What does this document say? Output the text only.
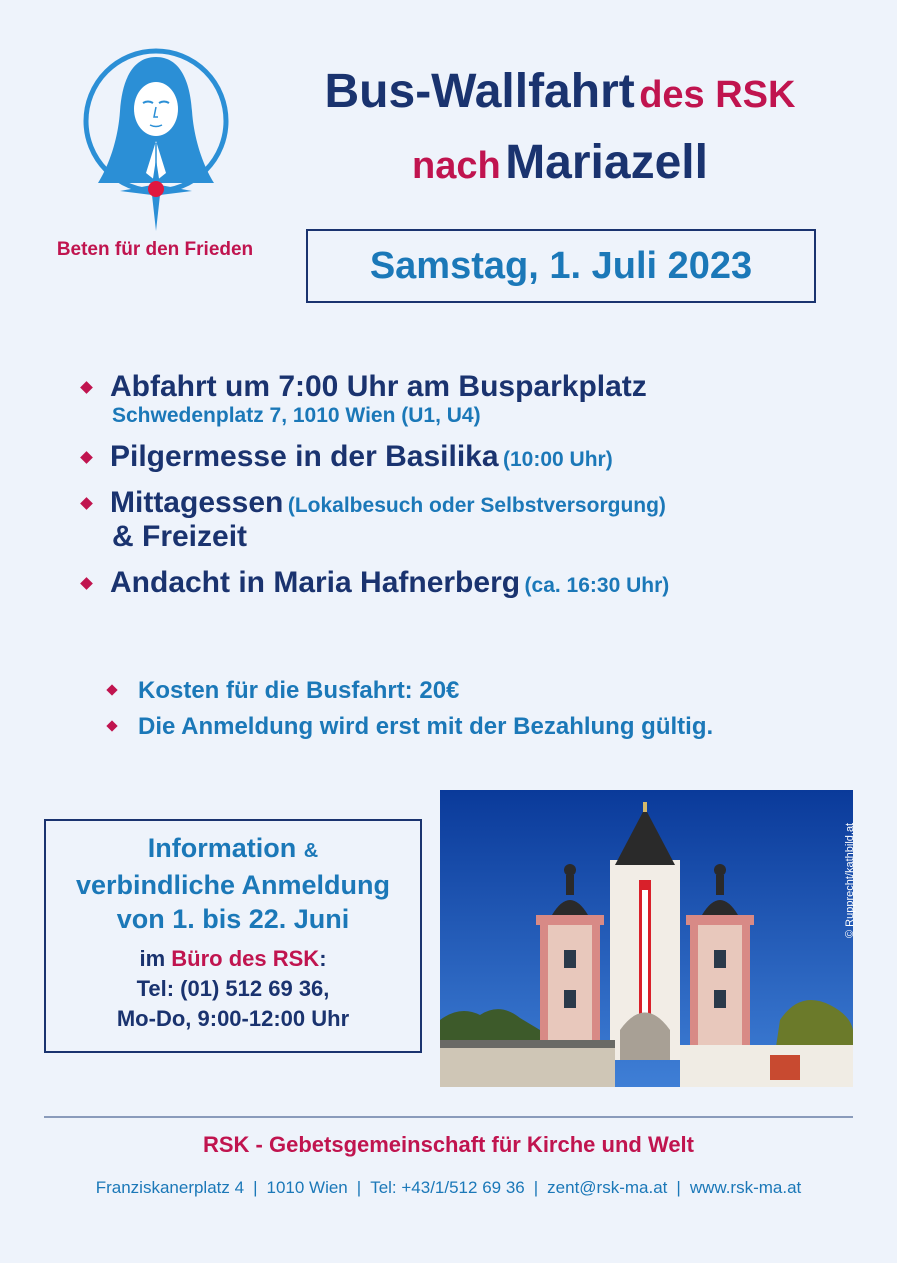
Beten für den Frieden
Bus-Wallfahrt des RSK
nach Mariazell
Samstag, 1. Juli 2023
Abfahrt um 7:00 Uhr am Busparkplatz
Schwedenplatz 7, 1010 Wien (U1, U4)
Pilgermesse in der Basilika (10:00 Uhr)
Mittagessen (Lokalbesuch oder Selbstversorgung)
& Freizeit
Andacht in Maria Hafnerberg (ca. 16:30 Uhr)
Kosten für die Busfahrt: 20€
Die Anmeldung wird erst mit der Bezahlung gültig.
Information &
verbindliche Anmeldung
von 1. bis 22. Juni
im Büro des RSK:
Tel: (01) 512 69 36,
Mo-Do, 9:00-12:00 Uhr
© Rupprecht/kathbild.at
RSK - Gebetsgemeinschaft für Kirche und Welt
Franziskanerplatz 4 | 1010 Wien | Tel: +43/1/512 69 36 | zent@rsk-ma.at | www.rsk-ma.at
